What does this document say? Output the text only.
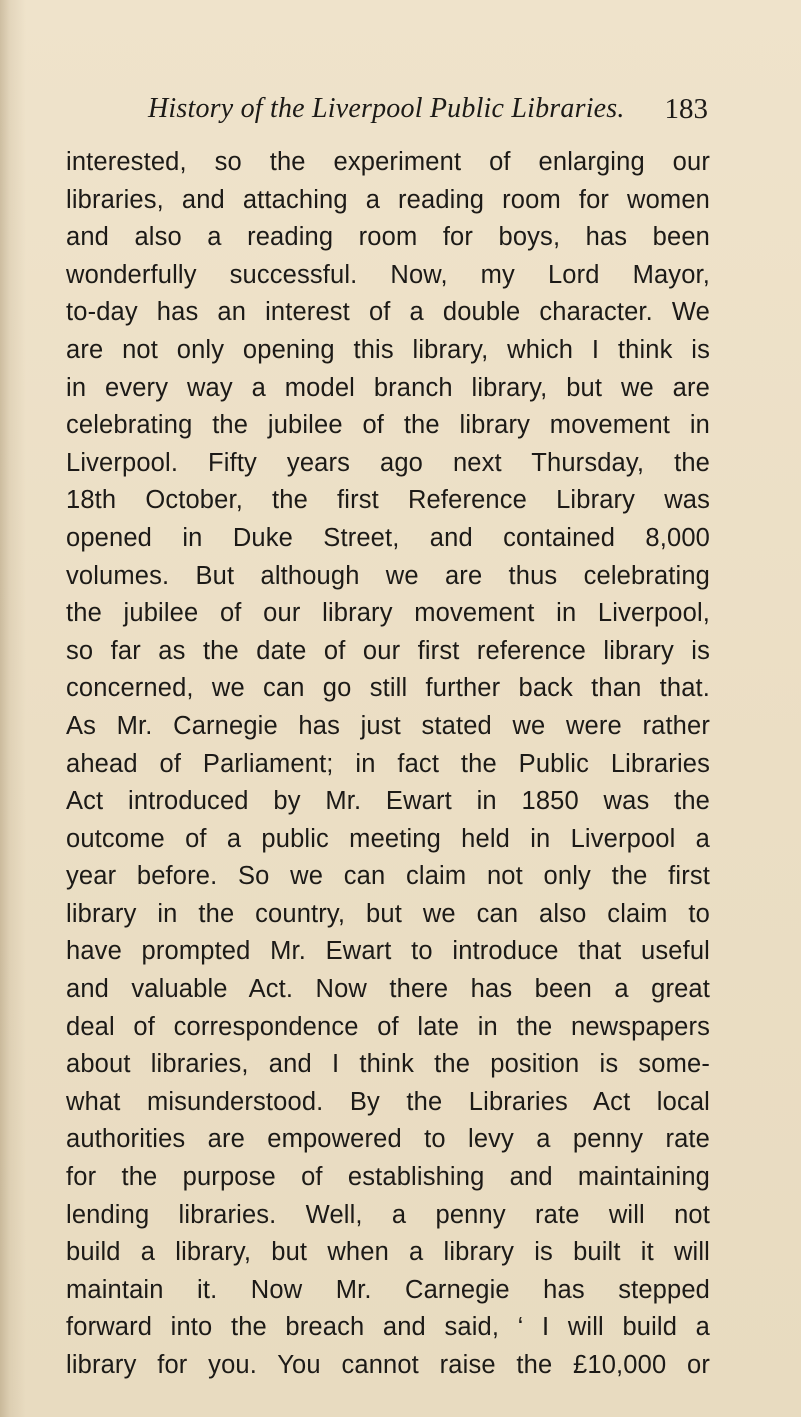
History of the Liverpool Public Libraries. 183
interested, so the experiment of enlarging our
libraries, and attaching a reading room for women
and also a reading room for boys, has been
wonderfully successful. Now, my Lord Mayor,
to-day has an interest of a double character. We
are not only opening this library, which I think is
in every way a model branch library, but we are
celebrating the jubilee of the library movement in
Liverpool. Fifty years ago next Thursday, the
18th October, the first Reference Library was
opened in Duke Street, and contained 8,000
volumes. But although we are thus celebrating
the jubilee of our library movement in Liverpool,
so far as the date of our first reference library is
concerned, we can go still further back than that.
As Mr. Carnegie has just stated we were rather
ahead of Parliament; in fact the Public Libraries
Act introduced by Mr. Ewart in 1850 was the
outcome of a public meeting held in Liverpool a
year before. So we can claim not only the first
library in the country, but we can also claim to
have prompted Mr. Ewart to introduce that useful
and valuable Act. Now there has been a great
deal of correspondence of late in the newspapers
about libraries, and I think the position is some-
what misunderstood. By the Libraries Act local
authorities are empowered to levy a penny rate
for the purpose of establishing and maintaining
lending libraries. Well, a penny rate will not
build a library, but when a library is built it will
maintain it. Now Mr. Carnegie has stepped
forward into the breach and said, ‘ I will build a
library for you. You cannot raise the £10,000 or
